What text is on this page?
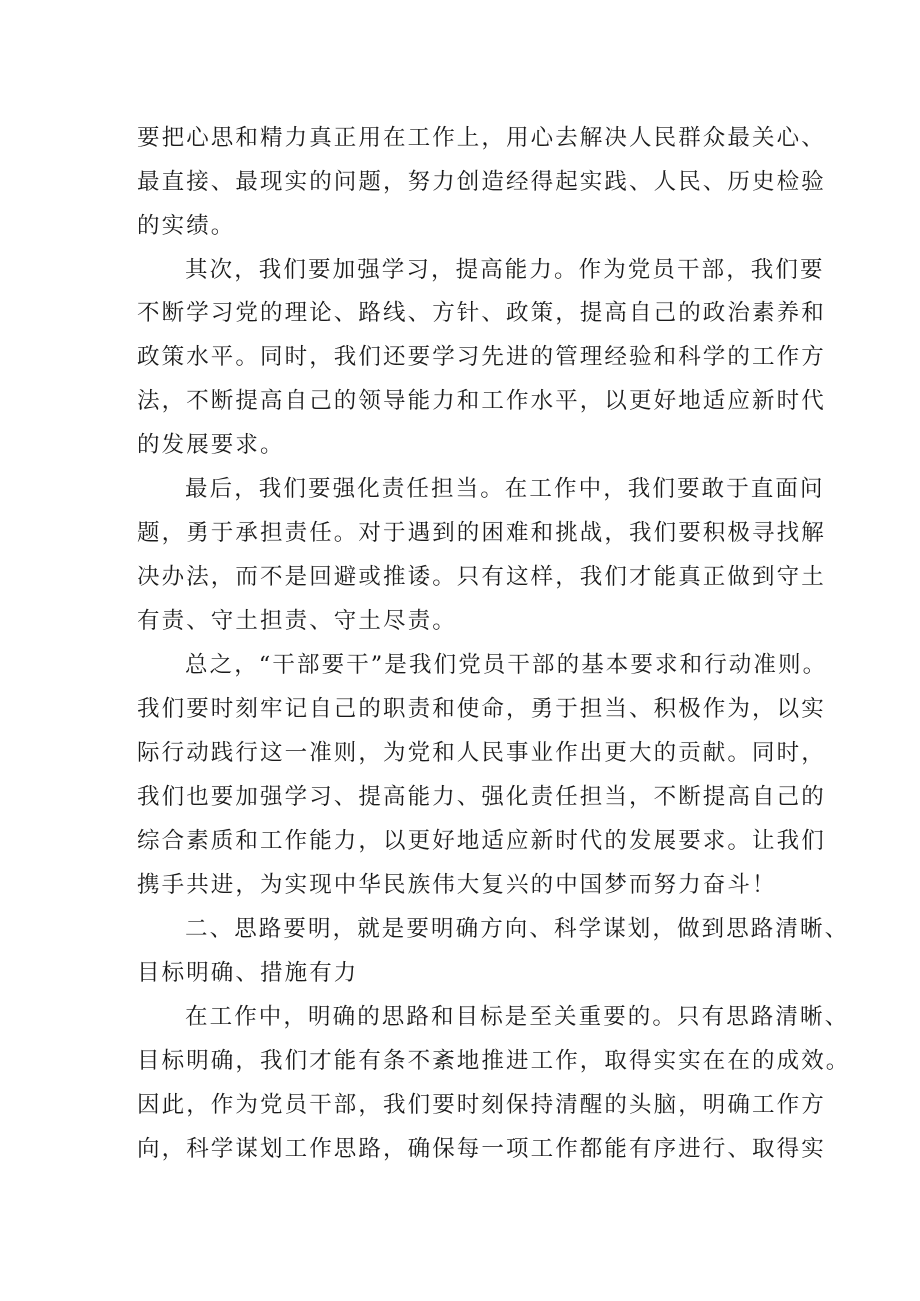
要把心思和精力真正用在工作上，用心去解决人民群众最关心、
最直接、最现实的问题，努力创造经得起实践、人民、历史检验
的实绩。
其次，我们要加强学习，提高能力。作为党员干部，我们要
不断学习党的理论、路线、方针、政策，提高自己的政治素养和
政策水平。同时，我们还要学习先进的管理经验和科学的工作方
法，不断提高自己的领导能力和工作水平，以更好地适应新时代
的发展要求。
最后，我们要强化责任担当。在工作中，我们要敢于直面问
题，勇于承担责任。对于遇到的困难和挑战，我们要积极寻找解
决办法，而不是回避或推诿。只有这样，我们才能真正做到守土
有责、守土担责、守土尽责。
总之，“干部要干”是我们党员干部的基本要求和行动准则。
我们要时刻牢记自己的职责和使命，勇于担当、积极作为，以实
际行动践行这一准则，为党和人民事业作出更大的贡献。同时，
我们也要加强学习、提高能力、强化责任担当，不断提高自己的
综合素质和工作能力，以更好地适应新时代的发展要求。让我们
携手共进，为实现中华民族伟大复兴的中国梦而努力奋斗！
二、思路要明，就是要明确方向、科学谋划，做到思路清晰、
目标明确、措施有力
在工作中，明确的思路和目标是至关重要的。只有思路清晰、
目标明确，我们才能有条不紊地推进工作，取得实实在在的成效。
因此，作为党员干部，我们要时刻保持清醒的头脑，明确工作方
向，科学谋划工作思路，确保每一项工作都能有序进行、取得实
